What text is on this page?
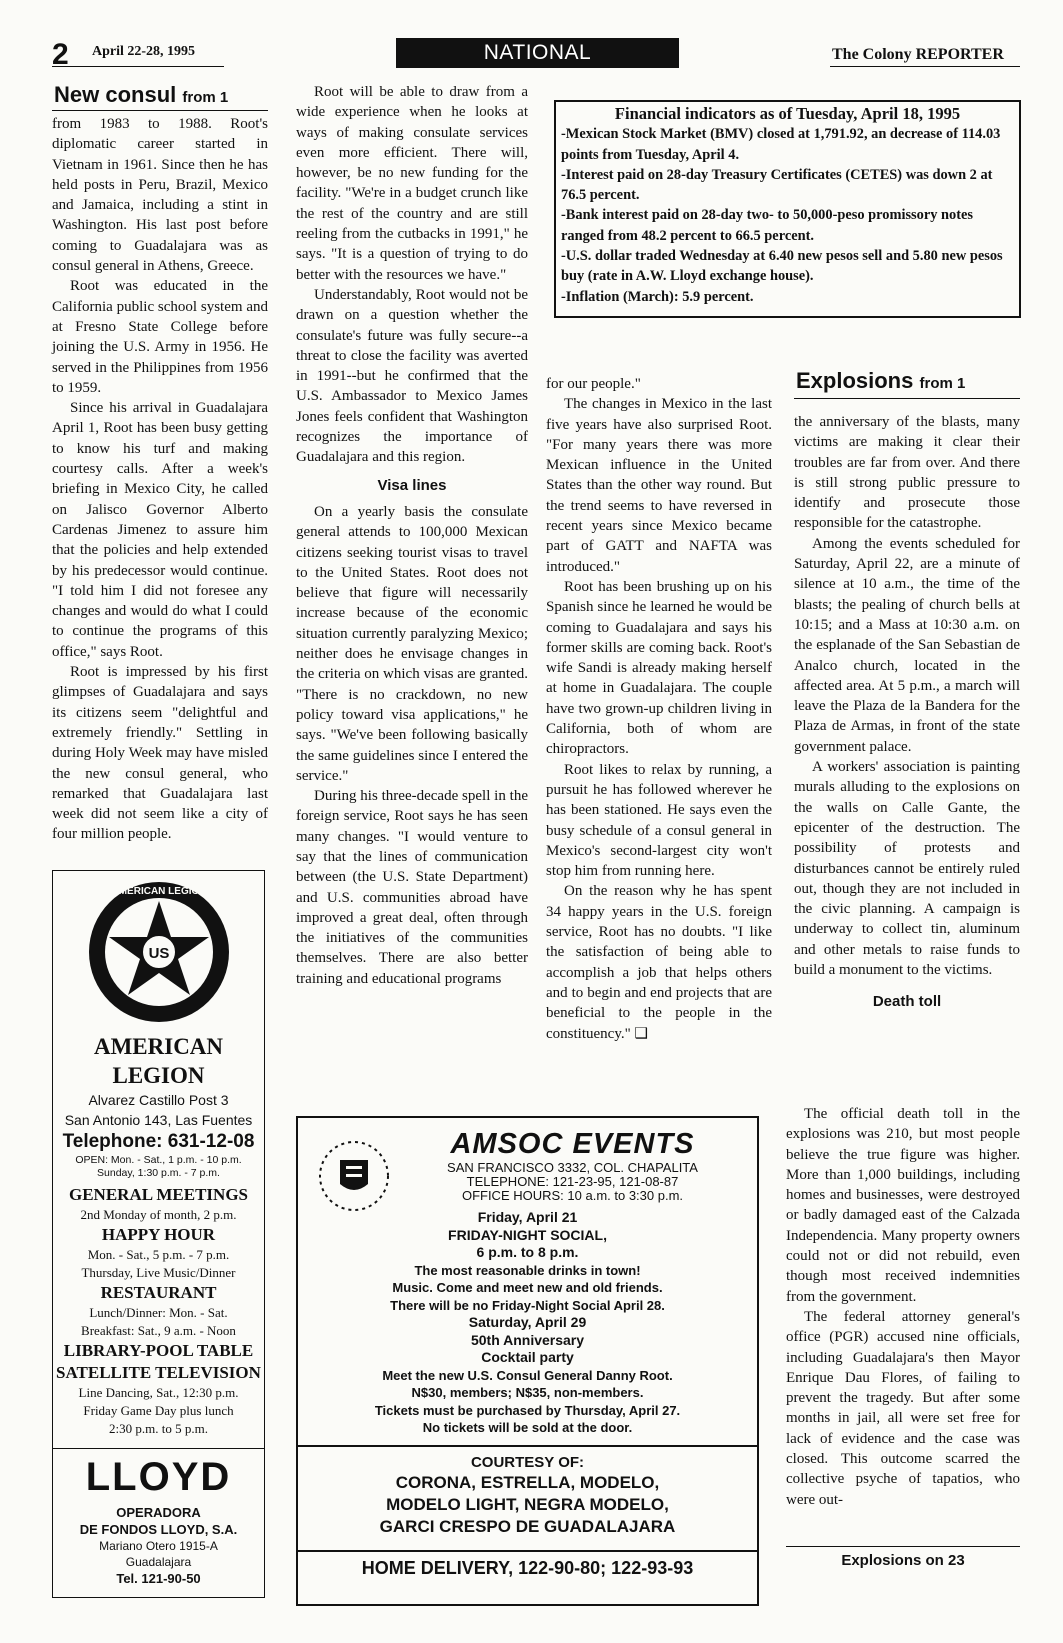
2 April 22-28, 1995	NATIONAL	The Colony REPORTER
New consul from 1

from 1983 to 1988. Root's diplomatic career started in Vietnam in 1961. Since then he has held posts in Peru, Brazil, Mexico and Jamaica, including a stint in Washington. His last post before coming to Guadalajara was as consul general in Athens, Greece.

Root was educated in the California public school system and at Fresno State College before joining the U.S. Army in 1956. He served in the Philippines from 1956 to 1959.

Since his arrival in Guadalajara April 1, Root has been busy getting to know his turf and making courtesy calls. After a week's briefing in Mexico City, he called on Jalisco Governor Alberto Cardenas Jimenez to assure him that the policies and help extended by his predecessor would continue. "I told him I did not foresee any changes and would do what I could to continue the programs of this office," says Root.

Root is impressed by his first glimpses of Guadalajara and says its citizens seem "delightful and extremely friendly." Settling in during Holy Week may have misled the new consul general, who remarked that Guadalajara last week did not seem like a city of four million people.

Root will be able to draw from a wide experience when he looks at ways of making consulate services even more efficient. There will, however, be no new funding for the facility. "We're in a budget crunch like the rest of the country and are still reeling from the cutbacks in 1991," he says. "It is a question of trying to do better with the resources we have."

Understandably, Root would not be drawn on a question whether the consulate's future was fully secure--a threat to close the facility was averted in 1991--but he confirmed that the U.S. Ambassador to Mexico James Jones feels confident that Washington recognizes the importance of Guadalajara and this region.

Visa lines

On a yearly basis the consulate general attends to 100,000 Mexican citizens seeking tourist visas to travel to the United States. Root does not believe that figure will necessarily increase because of the economic situation currently paralyzing Mexico; neither does he envisage changes in the criteria on which visas are granted. "There is no crackdown, no new policy toward visa applications," he says. "We've been following basically the same guidelines since I entered the service."

During his three-decade spell in the foreign service, Root says he has seen many changes. "I would venture to say that the lines of communication between (the U.S. State Department) and U.S. communities abroad have improved a great deal, often through the initiatives of the communities themselves. There are also better training and educational programs

Financial indicators as of Tuesday, April 18, 1995
-Mexican Stock Market (BMV) closed at 1,791.92, an decrease of 114.03 points from Tuesday, April 4.
-Interest paid on 28-day Treasury Certificates (CETES) was down 2 at 76.5 percent.
-Bank interest paid on 28-day two- to 50,000-peso promissory notes ranged from 48.2 percent to 66.5 percent.
-U.S. dollar traded Wednesday at 6.40 new pesos sell and 5.80 new pesos buy (rate in A.W. Lloyd exchange house).
-Inflation (March): 5.9 percent.

for our people."

The changes in Mexico in the last five years have also surprised Root. "For many years there was more Mexican influence in the United States than the other way round. But the trend seems to have reversed in recent years since Mexico became part of GATT and NAFTA was introduced."

Root has been brushing up on his Spanish since he learned he would be coming to Guadalajara and says his former skills are coming back. Root's wife Sandi is already making herself at home in Guadalajara. The couple have two grown-up children living in California, both of whom are chiropractors.

Root likes to relax by running, a pursuit he has followed wherever he has been stationed. He says even the busy schedule of a consul general in Mexico's second-largest city won't stop him from running here.

On the reason why he has spent 34 happy years in the U.S. foreign service, Root has no doubts. "I like the satisfaction of being able to accomplish a job that helps others and to begin and end projects that are beneficial to the people in the constituency." ❑

Explosions from 1

the anniversary of the blasts, many victims are making it clear their troubles are far from over. And there is still strong public pressure to identify and prosecute those responsible for the catastrophe.

Among the events scheduled for Saturday, April 22, are a minute of silence at 10 a.m., the time of the blasts; the pealing of church bells at 10:15; and a Mass at 10:30 a.m. on the esplanade of the San Sebastian de Analco church, located in the affected area. At 5 p.m., a march will leave the Plaza de la Bandera for the Plaza de Armas, in front of the state government palace.

A workers' association is painting murals alluding to the explosions on the walls on Calle Gante, the epicenter of the destruction. The possibility of protests and disturbances cannot be entirely ruled out, though they are not included in the civic planning. A campaign is underway to collect tin, aluminum and other metals to raise funds to build a monument to the victims.

Death toll

The official death toll in the explosions was 210, but most people believe the true figure was higher. More than 1,000 buildings, including homes and businesses, were destroyed or badly damaged east of the Calzada Independencia. Many property owners could not or did not rebuild, even though most received indemnities from the government.

The federal attorney general's office (PGR) accused nine officials, including Guadalajara's then Mayor Enrique Dau Flores, of failing to prevent the tragedy. But after some months in jail, all were set free for lack of evidence and the case was closed. This outcome scarred the collective psyche of tapatios, who were out-

Explosions on 23
US
AMERICAN LEGION
AMERICAN
LEGION
Alvarez Castillo Post 3
San Antonio 143, Las Fuentes
Telephone: 631-12-08
OPEN: Mon. - Sat., 1 p.m. - 10 p.m.
Sunday, 1:30 p.m. - 7 p.m.
GENERAL MEETINGS
2nd Monday of month, 2 p.m.
HAPPY HOUR
Mon. - Sat., 5 p.m. - 7 p.m.
Thursday, Live Music/Dinner
RESTAURANT
Lunch/Dinner: Mon. - Sat.
Breakfast: Sat., 9 a.m. - Noon
LIBRARY-POOL TABLE
SATELLITE TELEVISION
Line Dancing, Sat., 12:30 p.m.
Friday Game Day plus lunch
2:30 p.m. to 5 p.m.
LLOYD
OPERADORA
DE FONDOS LLOYD, S.A.
Mariano Otero 1915-A
Guadalajara
Tel. 121-90-50
AMSOC EVENTS
SAN FRANCISCO 3332, COL. CHAPALITA
TELEPHONE: 121-23-95, 121-08-87
OFFICE HOURS: 10 a.m. to 3:30 p.m.
Friday, April 21
FRIDAY-NIGHT SOCIAL,
6 p.m. to 8 p.m.
The most reasonable drinks in town!
Music. Come and meet new and old friends.
There will be no Friday-Night Social April 28.
Saturday, April 29
50th Anniversary
Cocktail party
Meet the new U.S. Consul General Danny Root.
N$30, members; N$35, non-members.
Tickets must be purchased by Thursday, April 27.
No tickets will be sold at the door.
COURTESY OF:
CORONA, ESTRELLA, MODELO,
MODELO LIGHT, NEGRA MODELO,
GARCI CRESPO DE GUADALAJARA
HOME DELIVERY, 122-90-80; 122-93-93
